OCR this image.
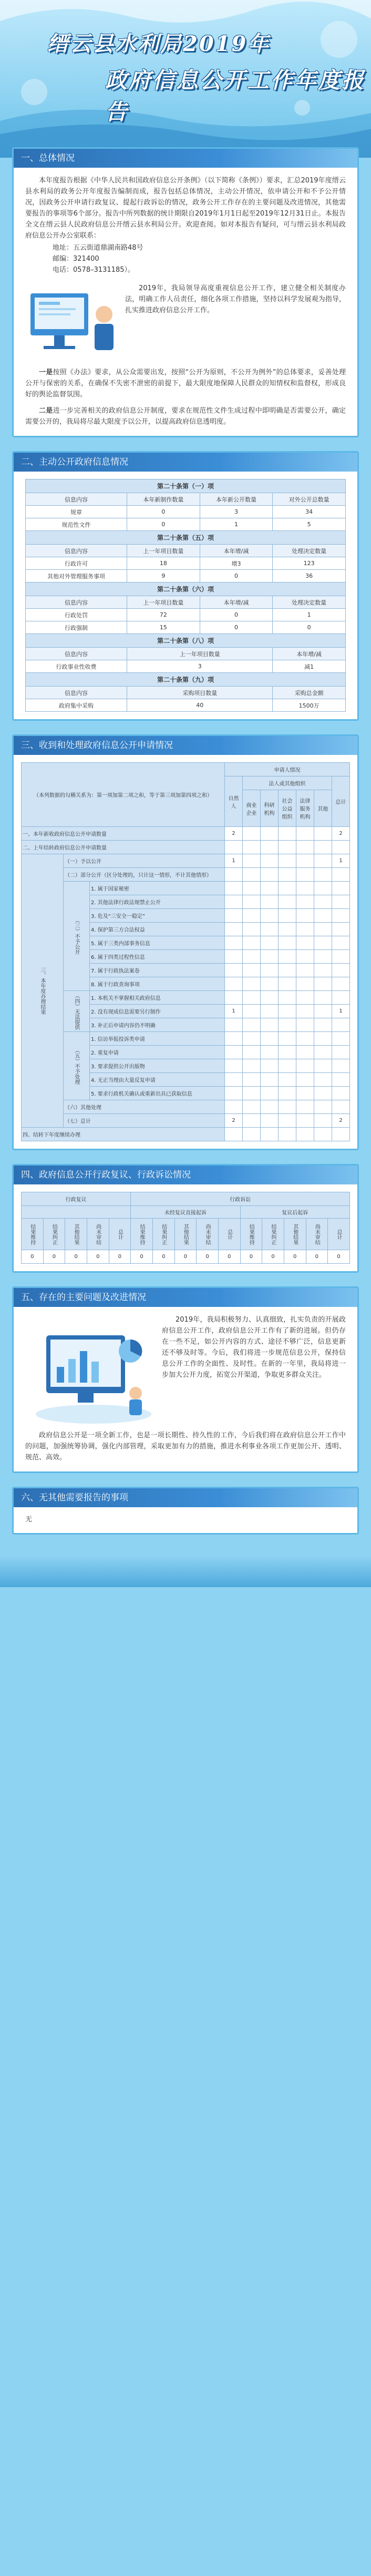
缙云县水利局2019年
政府信息公开工作年度报告
一、总体情况

本年度报告根据《中华人民共和国政府信息公开条例》（以下简称《条例》）要求，汇总2019年度缙云县水利局的政务公开年度报告编制而成，报告包括总体情况，主动公开情况，依申请公开和不予公开情况，因政务公开申请行政复议、提起行政诉讼的情况，政务公开工作存在的主要问题及改进情况，其他需要报告的事项等6个部分。报告中所列数据的统计期限自2019年1月1日起至2019年12月31日止。本报告全文在缙云县人民政府信息公开缙云县水利局公开。欢迎查阅。如对本报告有疑问，可与缙云县水利局政府信息公开办公室联系：

地址：五云街道鼎湖南路48号

邮编：321400

电话：0578–3131185）。

2019年，我局领导高度重视信息公开工作，建立健全相关制度办法，明确工作人员责任，细化各项工作措施，坚持以科学发展观为指导，扎实推进政府信息公开工作。

一是按照《办法》要求，从公众需要出发，按照“公开为原则，不公开为例外”的总体要求，妥善处理公开与保密的关系，在确保不失密不泄密的前提下，最大限度地保障人民群众的知情权和监督权，形成良好的舆论监督氛围。

二是进一步完善相关的政府信息公开制度，要求在规范性文件生成过程中即明确是否需要公开，确定需要公开的，我局将尽最大限度予以公开，以提高政府信息透明度。

二、主动公开政府信息情况
第二十条第（一）项			
信息内容	本年新制作数量	本年新公开数量	对外公开总数量
规章	0	3	34
规范性文件	0	1	5
第二十条第（五）项			
信息内容	上一年项目数量	本年增/减	处理决定数量
行政许可	18	增3	123
其他对外管理服务事项	9	0	36
第二十条第（六）项			
信息内容	上一年项目数量	本年增/减	处理决定数量
行政处罚	72	0	1
行政强制	15	0	0
第二十条第（八）项			
信息内容	上一年项目数量		本年增/减
行政事业性收费	3		减1
第二十条第（九）项			
信息内容	采购项目数量		采购总金额
政府集中采购	40		1500万
三、收到和处理政府信息公开申请情况
（本列数据的勾稽关系为：第一项加第二项之和，等于第三项加第四项之和）			申请人情况						
			自然人	法人或其他组织					总计
				商业企业	科研机构	社会公益组织	法律服务机构	其他	
一、本年新收政府信息公开申请数量			2						2
二、上年结转政府信息公开申请数量									
三、本年度办理结果	（一）予以公开		1						1
	（二）部分公开（区分处理的，只计这一情形，不计其他情形）								
	（三）不予公开	1. 属于国家秘密							
		2. 其他法律行政法规禁止公开							
		3. 危及“三安全一稳定”							
		4. 保护第三方合法权益							
		5. 属于三类内部事务信息							
		6. 属于四类过程性信息							
		7. 属于行政执法案卷							
		8. 属于行政查询事项							
	（四）无法提供	1. 本机关不掌握相关政府信息							
		2. 没有现成信息需要另行制作	1						1
		3. 补正后申请内容仍不明确							
	（五）不予处理	1. 信访举报投诉类申请							
		2. 重复申请							
		3. 要求提供公开出版物							
		4. 无正当理由大量反复申请							
		5. 要求行政机关确认或重新出具已获取信息							
	（六）其他处理								
	（七）总计		2						2
四、结转下年度继续办理									
四、政府信息公开行政复议、行政诉讼情况
行政复议					行政诉讼									
					未经复议直接起诉					复议后起诉				
结果维持	结果纠正	其他结果	尚未审结	总计	结果维持	结果纠正	其他结果	尚未审结	总计	结果维持	结果纠正	其他结果	尚未审结	总计
0	0	0	0	0	0	0	0	0	0	0	0	0	0	0
五、存在的主要问题及改进情况

2019年，我局积极努力、认真细致，扎实负责的开展政府信息公开工作，政府信息公开工作有了新的进展。但仍存在一些不足，如公开内容的方式、途径不够广泛，信息更新还不够及时等。今后，我们将进一步规范信息公开，保持信息公开工作的全面性、及时性。在新的一年里，我局将进一步加大公开力度，拓宽公开渠道，争取更多群众关注。

政府信息公开是一项全新工作，也是一项长期性、持久性的工作，今后我们将在政府信息公开工作中的问题，加强统筹协调，强化内部管理，采取更加有力的措施，推进水利事业各项工作更加公开、透明、规范、高效。

六、无其他需要报告的事项

无
